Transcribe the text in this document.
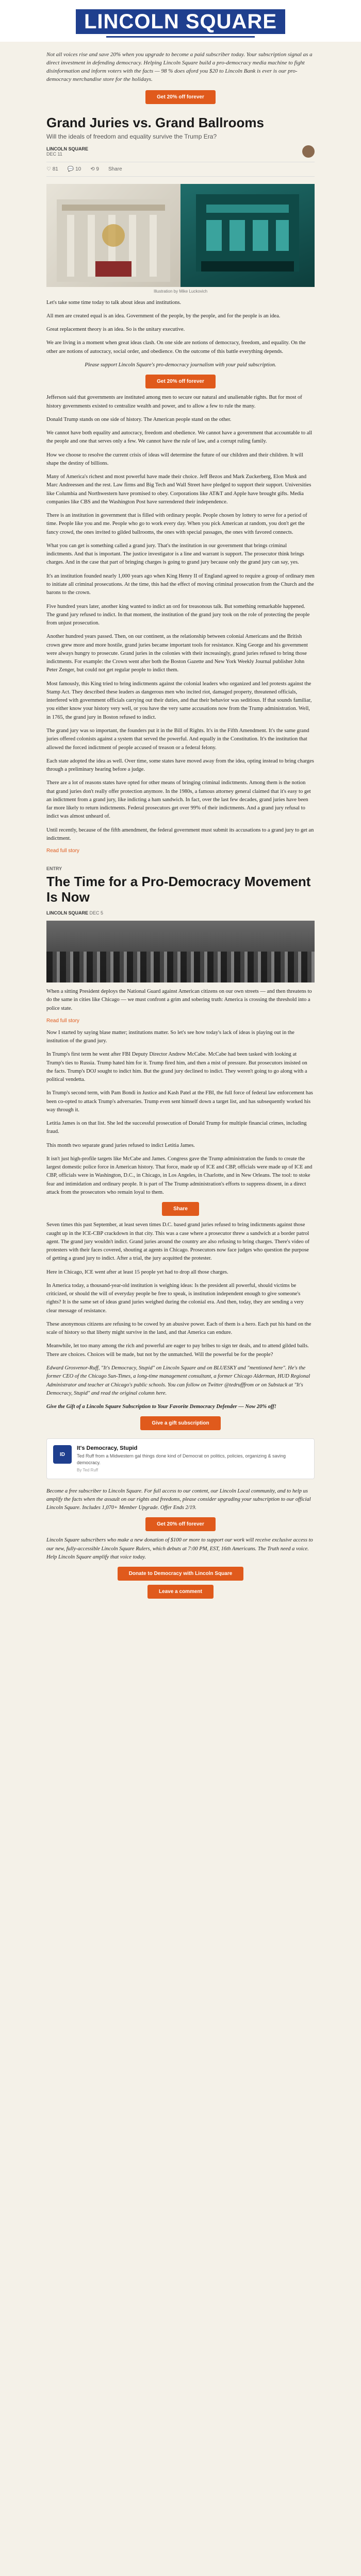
LINCOLN SQUARE

Not all voices rise and save 20% when you upgrade to become a paid subscriber today. Your subscription signal as a direct investment in defending democracy. Helping Lincoln Square build a pro-democracy media machine to fight disinformation and inform voters with the facts — 98 % does aford you $20 to Lincoln Bank is ever is our pro-democracy merchandise store for the holidays.

Get 20% off forever
Grand Juries vs. Grand Ballrooms
Will the ideals of freedom and equality survive the Trump Era?
LINCOLN SQUARE
DEC 11
♡ 81 💬 10 ⟲ 9 Share
Illustration by Mike Luckovich

Let's take some time today to talk about ideas and institutions.

All men are created equal is an idea. Government of the people, by the people, and for the people is an idea.

Great replacement theory is an idea. So is the unitary executive.

We are living in a moment when great ideas clash. On one side are notions of democracy, freedom, and equality. On the other are notions of autocracy, social order, and obedience. On the outcome of this battle everything depends.

Please support Lincoln Square's pro-democracy journalism with your paid subscription.

Get 20% off forever

Jefferson said that governments are instituted among men to secure our natural and unalienable rights. But for most of history governments existed to centralize wealth and power, and to allow a few to rule the many.

Donald Trump stands on one side of history. The American people stand on the other.

We cannot have both equality and autocracy, freedom and obedience. We cannot have a government that accountable to all the people and one that serves only a few. We cannot have the rule of law, and a corrupt ruling family.

How we choose to resolve the current crisis of ideas will determine the future of our children and their children. It will shape the destiny of billions.

Many of America's richest and most powerful have made their choice. Jeff Bezos and Mark Zuckerberg, Elon Musk and Marc Andreessen and the rest. Law firms and Big Tech and Wall Street have pledged to support their support. Universities like Columbia and Northwestern have promised to obey. Corporations like AT&T and Apple have brought gifts. Media companies like CBS and the Washington Post have surrendered their independence.

There is an institution in government that is filled with ordinary people. People chosen by lottery to serve for a period of time. People like you and me. People who go to work every day. When you pick American at random, you don't get the fancy crowd, the ones invited to gilded ballrooms, the ones with special passages, the ones with favored connects.

What you can get is something called a grand jury. That's the institution in our government that brings criminal indictments. And that is important. The justice investigator is a line and warrant is support. The prosecutor think brings charges. And in the case that part of bringing charges is going to grand jury because only the grand jury can say, yes.

It's an institution founded nearly 1,000 years ago when King Henry II of England agreed to require a group of ordinary men to initiate all criminal prosecutions. At the time, this had the effect of moving criminal prosecution from the Church and the barons to the crown.

Five hundred years later, another king wanted to indict an ord for treasonous talk. But something remarkable happened. The grand jury refused to indict. In that moment, the institution of the grand jury took on the role of protecting the people from unjust prosecution.

Another hundred years passed. Then, on our continent, as the relationship between colonial Americans and the British crown grew more and more hostile, grand juries became important tools for resistance. King George and his government were always hungry to prosecute. Grand juries in the colonies with their increasingly, grand juries refused to bring those indictments. For example: the Crown went after both the Boston Gazette and New York Weekly Journal publisher John Peter Zenger, but could not get regular people to indict them.

Most famously, this King tried to bring indictments against the colonial leaders who organized and led protests against the Stamp Act. They described these leaders as dangerous men who incited riot, damaged property, threatened officials, interfered with government officials carrying out their duties, and that their behavior was seditious. If that sounds familiar, you either know your history very well, or you have the very same accusations now from the Trump administration. Well, in 1765, the grand jury in Boston refused to indict.

The grand jury was so important, the founders put it in the Bill of Rights. It's in the Fifth Amendment. It's the same grand juries offered colonists against a system that served the powerful. And equally in the Constitution. It's the institution that allowed the forced indictment of people accused of treason or a federal felony.

Each state adopted the idea as well. Over time, some states have moved away from the idea, opting instead to bring charges through a preliminary hearing before a judge.

There are a lot of reasons states have opted for other means of bringing criminal indictments. Among them is the notion that grand juries don't really offer protection anymore. In the 1980s, a famous attorney general claimed that it's easy to get an indictment from a grand jury, like indicting a ham sandwich. In fact, over the last few decades, grand juries have been far more likely to return indictments. Federal prosecutors get over 99% of their indictments. And a grand jury refusal to indict was almost unheard of.

Until recently, because of the fifth amendment, the federal government must submit its accusations to a grand jury to get an indictment.

Read full story
ENTRY
The Time for a Pro-Democracy Movement Is Now
LINCOLN SQUARE DEC 5

When a sitting President deploys the National Guard against American citizens on our own streets — and then threatens to do the same in cities like Chicago — we must confront a grim and sobering truth: America is crossing the threshold into a police state.

Read full story

Now I started by saying blase matter; institutions matter. So let's see how today's lack of ideas is playing out in the institution of the grand jury.

In Trump's first term he went after FBI Deputy Director Andrew McCabe. McCabe had been tasked with looking at Trump's ties to Russia. Trump hated him for it. Trump fired him, and then a mist of pressure. But prosecutors insisted on the facts. Trump's DOJ sought to indict him. But the grand jury declined to indict. They weren't going to go along with a political vendetta.

In Trump's second term, with Pam Bondi in Justice and Kash Patel at the FBI, the full force of federal law enforcement has been co-opted to attack Trump's adversaries. Trump even sent himself down a target list, and has subsequently worked his way through it.

Letitia James is on that list. She led the successful prosecution of Donald Trump for multiple financial crimes, including fraud.

This month two separate grand juries refused to indict Letitia James.

It isn't just high-profile targets like McCabe and James. Congress gave the Trump administration the funds to create the largest domestic police force in American history. That force, made up of ICE and CBP, officials were made up of ICE and CBP, officials were in Washington, D.C., in Chicago, in Los Angeles, in Charlotte, and in New Orleans. The tool: to stoke fear and intimidation and ordinary people. It is part of The Trump administration's efforts to suppress dissent, in a direct attack from the prosecutors who remain loyal to them.

Share

Seven times this past September, at least seven times D.C. based grand juries refused to bring indictments against those caught up in the ICE-CBP crackdown in that city. This was a case where a prosecutor threw a sandwich at a border patrol agent. The grand jury wouldn't indict. Grand juries around the country are also refusing to bring charges. There's video of protesters with their faces covered, shouting at agents in Chicago. Prosecutors now face judges who question the purpose of getting a grand jury to indict. After a trial, the jury acquitted the protester.

Here in Chicago, ICE went after at least 15 people yet had to drop all those charges.

In America today, a thousand-year-old institution is weighing ideas: Is the president all powerful, should victims be criticized, or should the will of everyday people be free to speak, is institution independent enough to give someone's rights? It is the same set of ideas grand juries weighed during the colonial era. And then, today, they are sending a very clear message of resistance.

These anonymous citizens are refusing to be cowed by an abusive power. Each of them is a hero. Each put his hand on the scale of history so that liberty might survive in the land, and that America can endure.

Meanwhile, let too many among the rich and powerful are eager to pay bribes to sign ter deals, and to attend gilded balls. There are choices. Choices will be made, but not by the unmatched. Will the powerful be for the people?

Edward Grosvenor-Ruff, "It's Democracy, Stupid" on Lincoln Square and on BLUESKY and "mentioned here". He's the former CEO of the Chicago Sun-Times, a long-time management consultant, a former Chicago Alderman, HUD Regional Administrator and teacher at Chicago's public schools. You can follow on Twitter @tedrufffrom or on Substack at "It's Democracy, Stupid" and read the original column here.

Give the Gift of a Lincoln Square Subscription to Your Favorite Democracy Defender — Now 20% off!

Give a gift subscription
ID
It's Democracy, Stupid
Ted Ruff from a Midwestern gal things done kind of Democrat on politics, policies, organizing & saving democracy.
By Ted Ruff

Become a free subscriber to Lincoln Square. For full access to our content, our Lincoln Local community, and to help us amplify the facts when the assault on our rights and freedoms, please consider upgrading your subscription to our official Lincoln Square. Includes 1,070+ Member Upgrade. Offer Ends 2/19.

Get 20% off forever

Lincoln Square subscribers who make a new donation of $100 or more to support our work will receive exclusive access to our new, fully-accessible Lincoln Square Rulers, which debuts at 7:00 PM, EST, 16th Americans. The Truth need a voice. Help Lincoln Square amplify that voice today.

Donate to Democracy with Lincoln Square
Leave a comment
